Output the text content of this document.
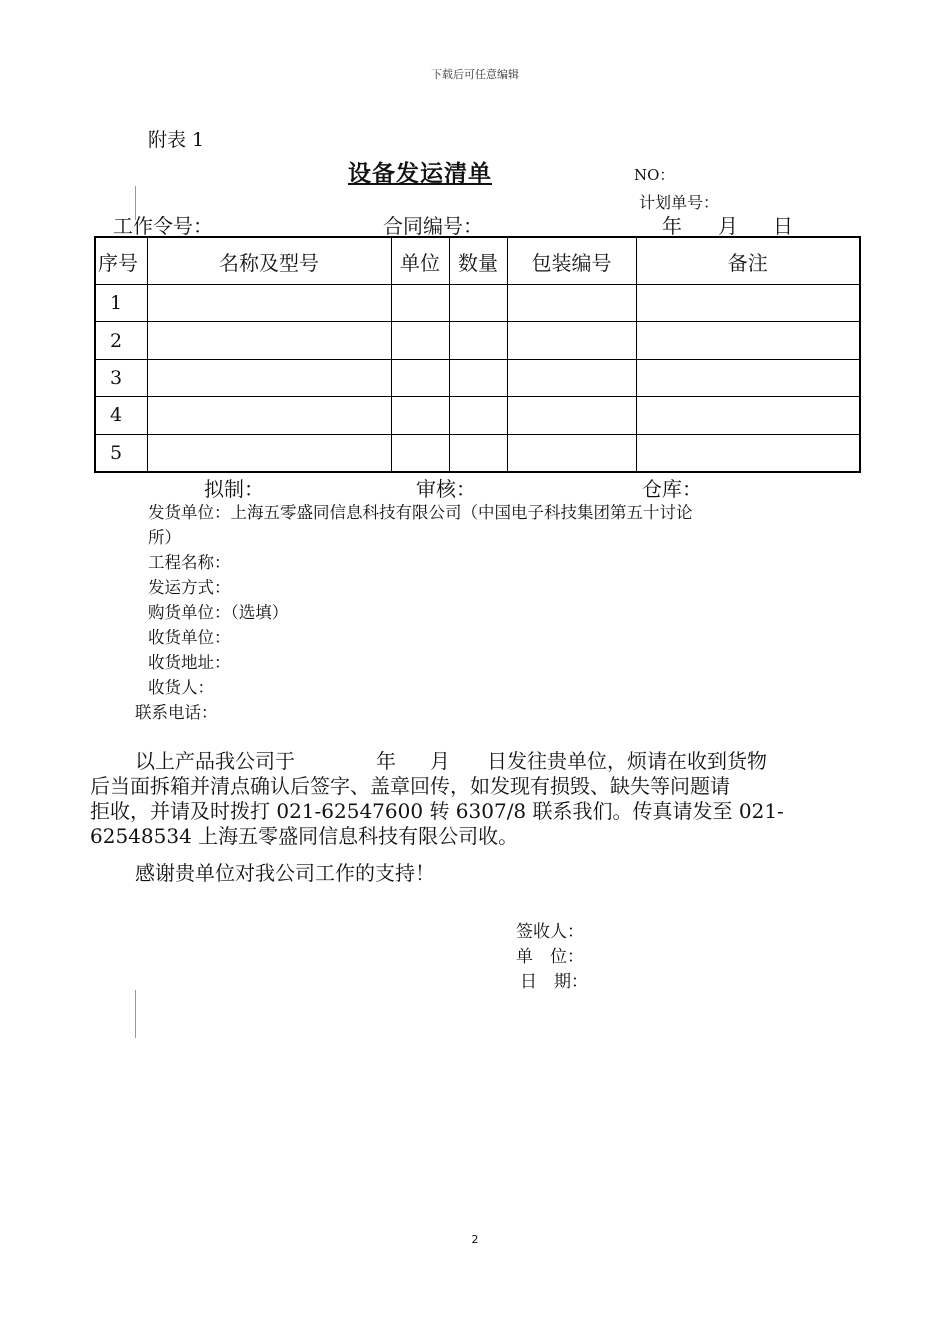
下载后可任意编辑
附表 1
设备发运清单	NO：
计划单号：
工作令号：	合同编号：	年 月 日
序号	名称及型号	单位	数量	包装编号	备注
1					
2					
3					
4					
5					
拟制：	审核：	仓库：
发货单位：上海五零盛同信息科技有限公司（中国电子科技集团第五十讨论
所）
工程名称：
发运方式：
购货单位：（选填）
收货单位：
收货地址：
收货人：
联系电话：
以上产品我公司于	年 月 日发往贵单位，烦请在收到货物
后当面拆箱并清点确认后签字、盖章回传，如发现有损毁、缺失等问题请
拒收，并请及时拨打 021-62547600 转 6307/8 联系我们。传真请发至 021-
62548534 上海五零盛同信息科技有限公司收。
感谢贵单位对我公司工作的支持！
签收人：
单　位：
日　期：
2
